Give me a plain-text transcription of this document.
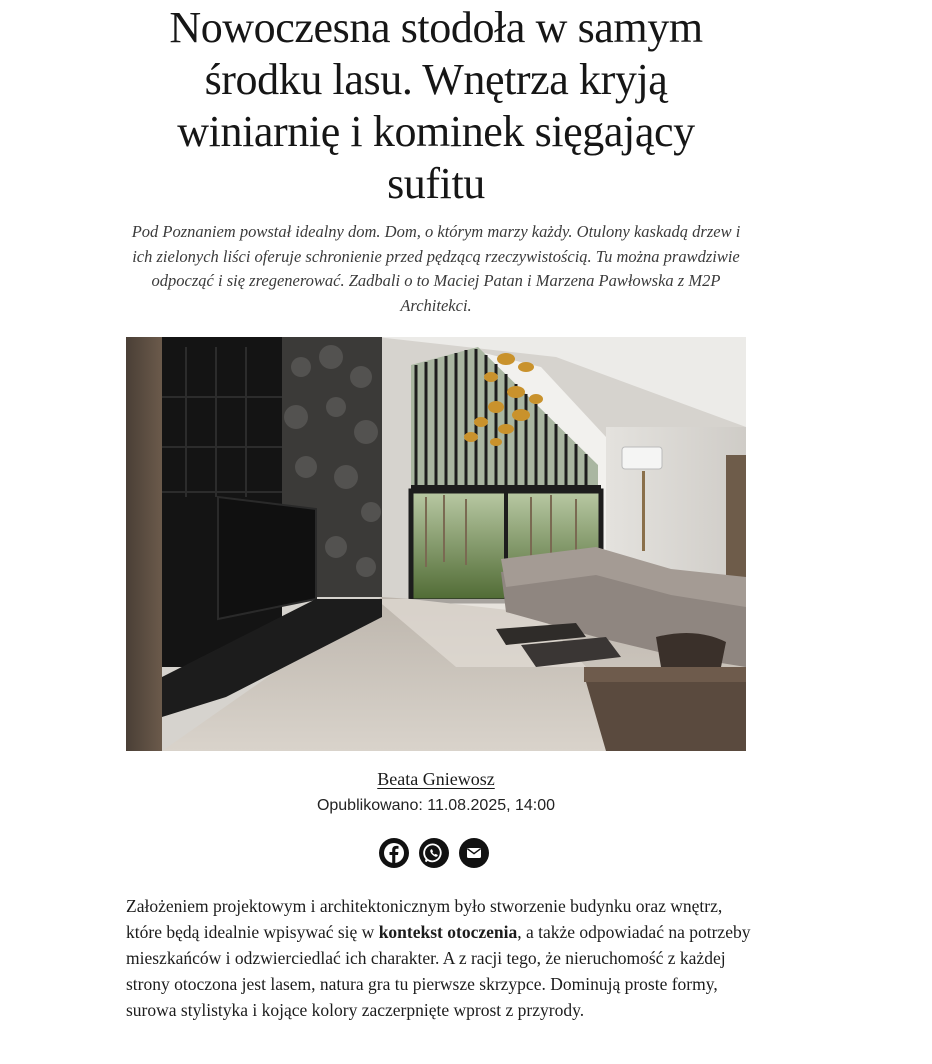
Nowoczesna stodoła w samym środku lasu. Wnętrza kryją winiarnię i kominek sięgający sufitu

Pod Poznaniem powstał idealny dom. Dom, o którym marzy każdy. Otulony kaskadą drzew i ich zielonych liści oferuje schronienie przed pędzącą rzeczywistością. Tu można prawdziwie odpocząć i się zregenerować. Zadbali o to Maciej Patan i Marzena Pawłowska z M2P Architekci.

Beata Gniewosz
Opublikowano: 11.08.2025, 14:00

Założeniem projektowym i architektonicznym było stworzenie budynku oraz wnętrz, które będą idealnie wpisywać się w kontekst otoczenia, a także odpowiadać na potrzeby mieszkańców i odzwierciedlać ich charakter. A z racji tego, że nieruchomość z każdej strony otoczona jest lasem, natura gra tu pierwsze skrzypce. Dominują proste formy, surowa stylistyka i kojące kolory zaczerpnięte wprost z przyrody.
